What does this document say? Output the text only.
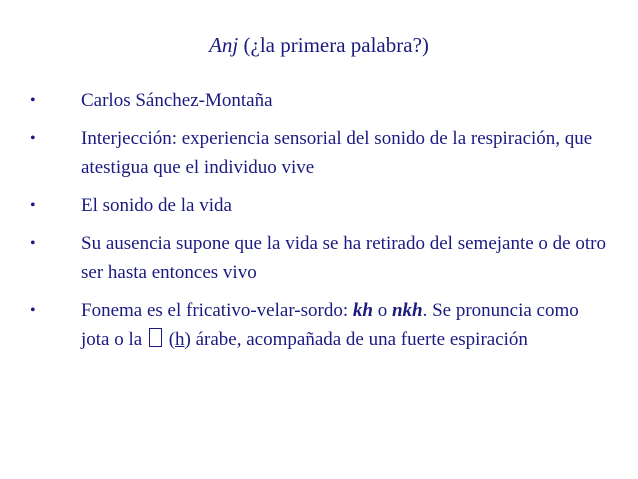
Anj (¿la primera palabra?)
• Carlos Sánchez-Montaña
• Interjección: experiencia sensorial del sonido de la respiración, que atestigua que el individuo vive
• El sonido de la vida
• Su ausencia supone que la vida se ha retirado del semejante o de otro ser hasta entonces vivo
• Fonema es el fricativo-velar-sordo: kh o nkh. Se pronuncia como jota o la  (h) árabe, acompañada de una fuerte espiración
